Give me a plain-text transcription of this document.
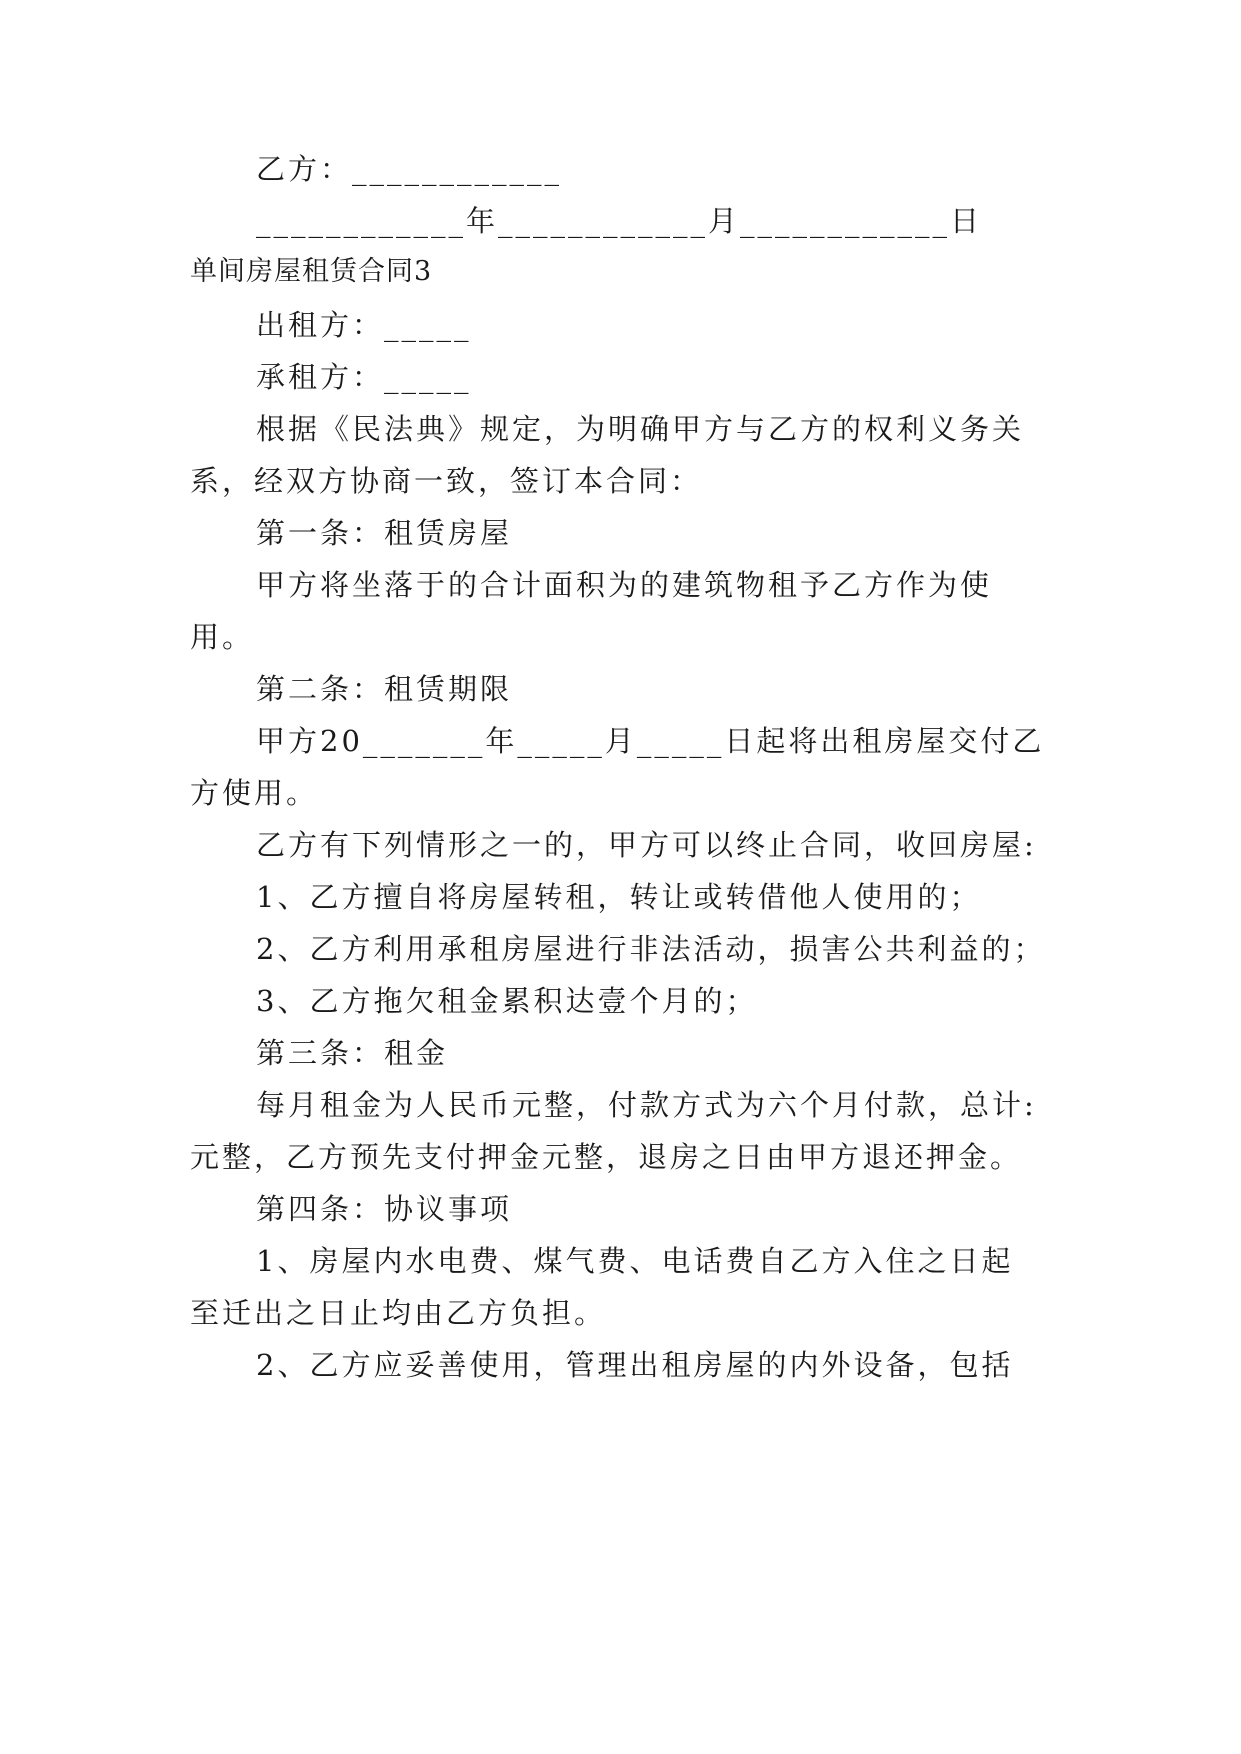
乙方：____________
____________年____________月____________日
单间房屋租赁合同3
出租方：_____
承租方：_____
根据《民法典》规定，为明确甲方与乙方的权利义务关
系，经双方协商一致，签订本合同：
第一条：租赁房屋
甲方将坐落于的合计面积为的建筑物租予乙方作为使
用。
第二条：租赁期限
甲方20_______年_____月_____日起将出租房屋交付乙
方使用。
乙方有下列情形之一的，甲方可以终止合同，收回房屋:
1、乙方擅自将房屋转租，转让或转借他人使用的；
2、乙方利用承租房屋进行非法活动，损害公共利益的；
3、乙方拖欠租金累积达壹个月的；
第三条：租金
每月租金为人民币元整，付款方式为六个月付款，总计:
元整，乙方预先支付押金元整，退房之日由甲方退还押金。
第四条：协议事项
1、房屋内水电费、煤气费、电话费自乙方入住之日起
至迁出之日止均由乙方负担。
2、乙方应妥善使用，管理出租房屋的内外设备，包括
